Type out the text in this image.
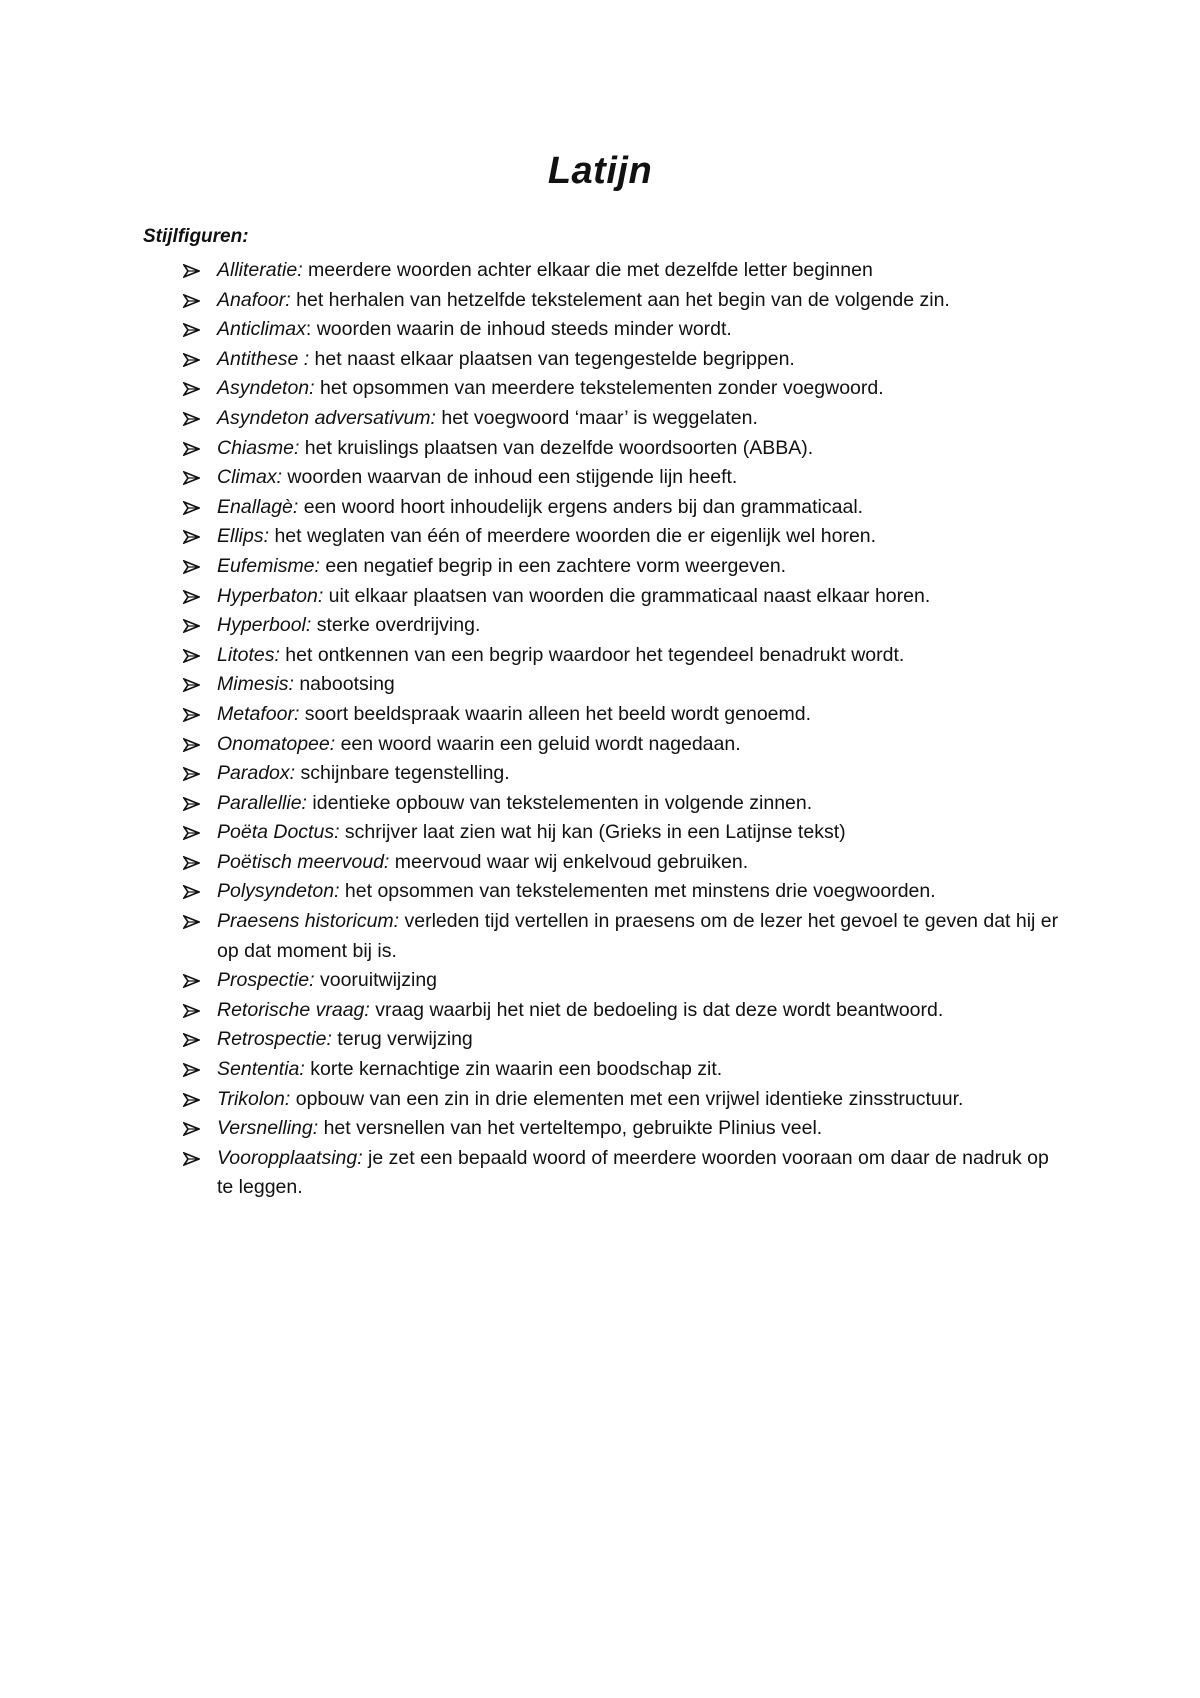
Latijn
Stijlfiguren:
Alliteratie: meerdere woorden achter elkaar die met dezelfde letter beginnen
Anafoor: het herhalen van hetzelfde tekstelement aan het begin van de volgende zin.
Anticlimax: woorden waarin de inhoud steeds minder wordt.
Antithese : het naast elkaar plaatsen van tegengestelde begrippen.
Asyndeton: het opsommen van meerdere tekstelementen zonder voegwoord.
Asyndeton adversativum: het voegwoord ‘maar’ is weggelaten.
Chiasme: het kruislings plaatsen van dezelfde woordsoorten (ABBA).
Climax: woorden waarvan de inhoud een stijgende lijn heeft.
Enallagè: een woord hoort inhoudelijk ergens anders bij dan grammaticaal.
Ellips: het weglaten van één of meerdere woorden die er eigenlijk wel horen.
Eufemisme: een negatief begrip in een zachtere vorm weergeven.
Hyperbaton: uit elkaar plaatsen van woorden die grammaticaal naast elkaar horen.
Hyperbool: sterke overdrijving.
Litotes: het ontkennen van een begrip waardoor het tegendeel benadrukt wordt.
Mimesis: nabootsing
Metafoor: soort beeldspraak waarin alleen het beeld wordt genoemd.
Onomatopee: een woord waarin een geluid wordt nagedaan.
Paradox: schijnbare tegenstelling.
Parallellie: identieke opbouw van tekstelementen in volgende zinnen.
Poëta Doctus: schrijver laat zien wat hij kan (Grieks in een Latijnse tekst)
Poëtisch meervoud: meervoud waar wij enkelvoud gebruiken.
Polysyndeton: het opsommen van tekstelementen met minstens drie voegwoorden.
Praesens historicum: verleden tijd vertellen in praesens om de lezer het gevoel te geven dat hij er op dat moment bij is.
Prospectie: vooruitwijzing
Retorische vraag: vraag waarbij het niet de bedoeling is dat deze wordt beantwoord.
Retrospectie: terug verwijzing
Sententia: korte kernachtige zin waarin een boodschap zit.
Trikolon: opbouw van een zin in drie elementen met een vrijwel identieke zinsstructuur.
Versnelling: het versnellen van het verteltempo, gebruikte Plinius veel.
Vooropplaatsing: je zet een bepaald woord of meerdere woorden vooraan om daar de nadruk op te leggen.
